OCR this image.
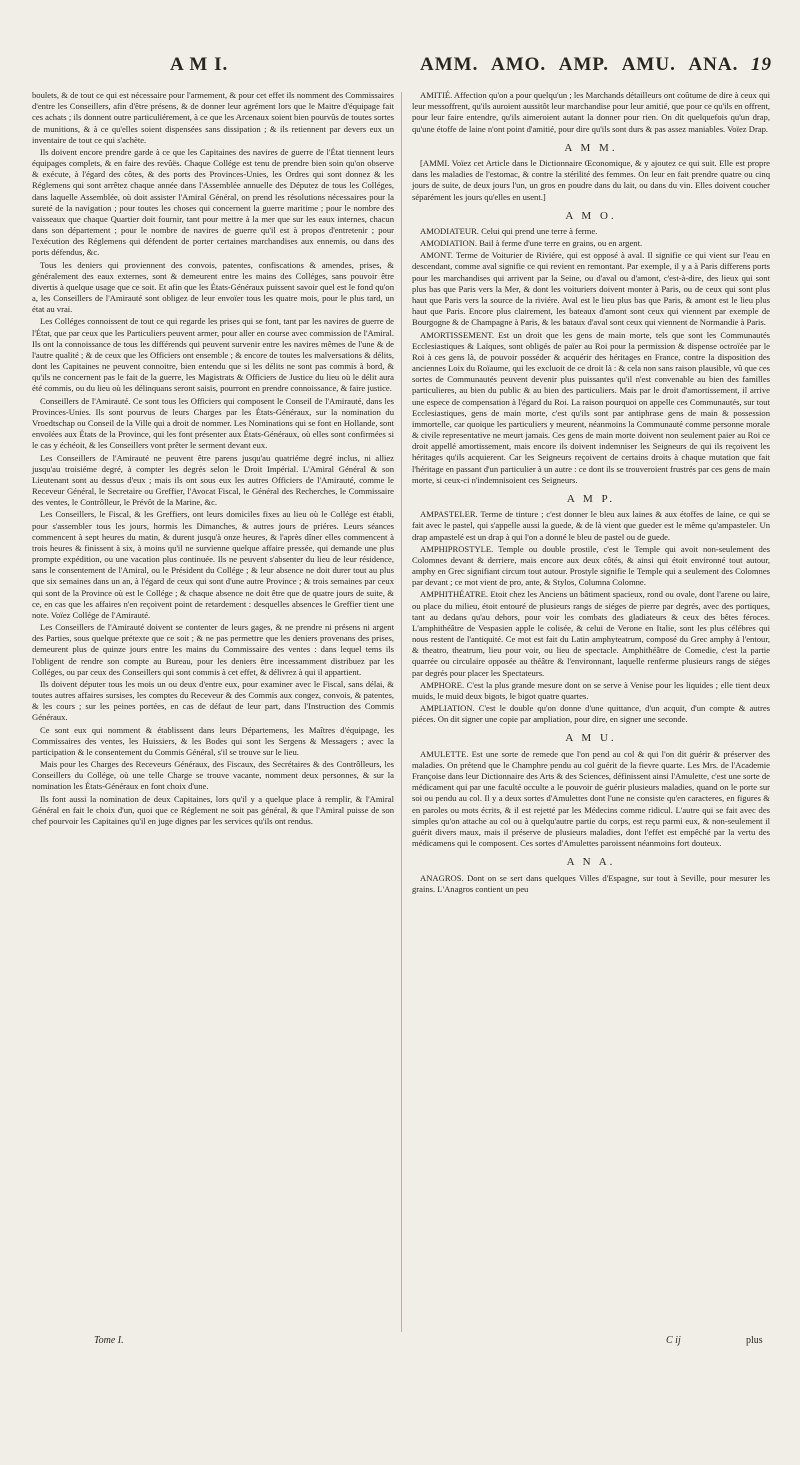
A M I.	AMM. AMO. AMP. AMU. ANA. 19

boulets, & de tout ce qui est nécessaire pour l'armement, & pour cet effet ils nomment des Commissaires d'entre les Conseillers, afin d'être présens, & de donner leur agrément lors que le Maitre d'équipage fait ces achats ; ils donnent outre particuliérement, à ce que les Arcenaux soient bien pourvûs de toutes sortes de munitions, & à ce qu'elles soient dispensées sans dissipation ; & ils retiennent par devers eux un inventaire de tout ce qui s'achète.

Ils doivent encore prendre garde à ce que les Capitaines des navires de guerre de l'État tiennent leurs équipages complets, & en faire des revûës. Chaque Collége est tenu de prendre bien soin qu'on observe & exécute, à l'égard des côtes, & des ports des Provinces-Unies, les Ordres qui sont donnez & les Réglemens qui sont arrêtez chaque année dans l'Assemblée annuelle des Députez de tous les Colléges, dans laquelle Assemblée, où doit assister l'Amiral Général, on prend les résolutions nécessaires pour la sureté de la navigation ; pour toutes les choses qui concernent la guerre maritime ; pour le nombre des vaisseaux que chaque Quartier doit fournir, tant pour mettre à la mer que sur les eaux internes, chacun dans son département ; pour le nombre de navires de guerre qu'il est à propos d'entretenir ; pour l'exécution des Réglemens qui défendent de porter certaines marchandises aux ennemis, ou dans des ports défendus, &c.

Tous les deniers qui proviennent des convois, patentes, confiscations & amendes, prises, & généralement des eaux externes, sont & demeurent entre les mains des Colléges, sans pouvoir être divertis à quelque usage que ce soit. Et afin que les États-Généraux puissent savoir quel est le fond qu'on a, les Conseillers de l'Amirauté sont obligez de leur envoïer tous les quatre mois, pour le plus tard, un état au vrai.

Les Colléges connoissent de tout ce qui regarde les prises qui se font, tant par les navires de guerre de l'État, que par ceux que les Particuliers peuvent armer, pour aller en course avec commission de l'Amiral. Ils ont la connoissance de tous les différends qui peuvent survenir entre les navires mêmes de l'une & de l'autre qualité ; & de ceux que les Officiers ont ensemble ; & encore de toutes les malversations & délits, dont les Capitaines ne peuvent connoitre, bien entendu que si les délits ne sont pas commis à bord, & qu'ils ne concernent pas le fait de la guerre, les Magistrats & Officiers de Justice du lieu où le délit aura été commis, ou du lieu où les délinquans seront saisis, pourront en prendre connoissance, & faire justice.

Conseillers de l'Amirauté. Ce sont tous les Officiers qui composent le Conseil de l'Amirauté, dans les Provinces-Unies. Ils sont pourvus de leurs Charges par les États-Généraux, sur la nomination du Vroedtschap ou Conseil de la Ville qui a droit de nommer. Les Nominations qui se font en Hollande, sont envoïées aux États de la Province, qui les font présenter aux États-Généraux, où elles sont confirmées si le cas y échéoit, & les Conseillers vont prêter le serment devant eux.

Les Conseillers de l'Amirauté ne peuvent être parens jusqu'au quatriéme degré inclus, ni alliez jusqu'au troisiéme degré, à compter les degrés selon le Droit Impérial. L'Amiral Général & son Lieutenant sont au dessus d'eux ; mais ils ont sous eux les autres Officiers de l'Amirauté, comme le Receveur Général, le Secretaire ou Greffier, l'Avocat Fiscal, le Général des Recherches, le Commissaire des ventes, le Contrôlleur, le Prévôt de la Marine, &c.

Les Conseillers, le Fiscal, & les Greffiers, ont leurs domiciles fixes au lieu où le Collége est établi, pour s'assembler tous les jours, hormis les Dimanches, & autres jours de priéres. Leurs séances commencent à sept heures du matin, & durent jusqu'à onze heures, & l'après dîner elles commencent à trois heures & finissent à six, à moins qu'il ne survienne quelque affaire pressée, qui demande une plus prompte expédition, ou une vacation plus continuée. Ils ne peuvent s'absenter du lieu de leur résidence, sans le consentement de l'Amiral, ou le Président du Collége ; & leur absence ne doit durer tout au plus que six semaines dans un an, à l'égard de ceux qui sont d'une autre Province ; & trois semaines par ceux qui sont de la Province où est le Collége ; & chaque absence ne doit être que de quatre jours de suite, & ce, en cas que les affaires n'en reçoivent point de retardement : desquelles absences le Greffier tient une note. Voïez Collége de l'Amirauté.

Les Conseillers de l'Amirauté doivent se contenter de leurs gages, & ne prendre ni présens ni argent des Parties, sous quelque prétexte que ce soit ; & ne pas permettre que les deniers provenans des prises, demeurent plus de quinze jours entre les mains du Commissaire des ventes : dans lequel tems ils l'obligent de rendre son compte au Bureau, pour les deniers être incessamment distribuez par les Colléges, ou par ceux des Conseillers qui sont commis à cet effet, & délivrez à qui il appartient.

Ils doivent députer tous les mois un ou deux d'entre eux, pour examiner avec le Fiscal, sans délai, & toutes autres affaires sursises, les comptes du Receveur & des Commis aux congez, convois, & patentes, & les cours ; sur les peines portées, en cas de défaut de leur part, dans l'Instruction des Commis Généraux.

Ce sont eux qui nomment & établissent dans leurs Départemens, les Maîtres d'équipage, les Commissaires des ventes, les Huissiers, & les Bodes qui sont les Sergens & Messagers ; avec la participation & le consentement du Commis Général, s'il se trouve sur le lieu.

Mais pour les Charges des Receveurs Généraux, des Fiscaux, des Secrétaires & des Contrôlleurs, les Conseillers du Collége, où une telle Charge se trouve vacante, nomment deux personnes, & sur la nomination les États-Généraux en font choix d'une.

Ils font aussi la nomination de deux Capitaines, lors qu'il y a quelque place à remplir, & l'Amiral Général en fait le choix d'un, quoi que ce Réglement ne soit pas général, & que l'Amiral puisse de son chef pourvoir les Capitaines qu'il en juge dignes par les services qu'ils ont rendus.

AMITIÉ. Affection qu'on a pour quelqu'un ; les Marchands détailleurs ont coûtume de dire à ceux qui leur messoffrent, qu'ils auroient aussitôt leur marchandise pour leur amitié, que pour ce qu'ils en offrent, pour leur faire entendre, qu'ils aimeroient autant la donner pour rien. On dit quelquefois qu'un drap, qu'une étoffe de laine n'ont point d'amitié, pour dire qu'ils sont durs & pas assez maniables. Voïez Drap.

A M M.

[AMMI. Voïez cet Article dans le Dictionnaire Œconomique, & y ajoutez ce qui suit. Elle est propre dans les maladies de l'estomac, & contre la stérilité des femmes. On leur en fait prendre quatre ou cinq jours de suite, de deux jours l'un, un gros en poudre dans du lait, ou dans du vin. Elles doivent coucher séparément les jours qu'elles en usent.]

A M O.

AMODIATEUR. Celui qui prend une terre à ferme.

AMODIATION. Bail à ferme d'une terre en grains, ou en argent.

AMONT. Terme de Voiturier de Riviére, qui est opposé à aval. Il signifie ce qui vient sur l'eau en descendant, comme aval signifie ce qui revient en remontant. Par exemple, il y a à Paris differens ports pour les marchandises qui arrivent par la Seine, ou d'aval ou d'amont, c'est-à-dire, des lieux qui sont plus bas que Paris vers la Mer, & dont les voituriers doivent monter à Paris, ou de ceux qui sont plus haut que Paris vers la source de la riviére. Aval est le lieu plus bas que Paris, & amont est le lieu plus haut que Paris. Encore plus clairement, les bateaux d'amont sont ceux qui viennent par exemple de Bourgogne & de Champagne à Paris, & les bataux d'aval sont ceux qui viennent de Normandie à Paris.

AMORTISSEMENT. Est un droit que les gens de main morte, tels que sont les Communautés Ecclesiastiques & Laïques, sont obligés de païer au Roi pour la permission & dispense octroïée par le Roi à ces gens là, de pouvoir posséder & acquérir des héritages en France, contre la disposition des anciennes Loix du Roïaume, qui les excluoit de ce droit là : & cela non sans raison plausible, vû que ces sortes de Communautés peuvent devenir plus puissantes qu'il n'est convenable au bien des familles particulieres, au bien du public & au bien des particuliers. Mais par le droit d'amortissement, il arrive une espece de compensation à l'égard du Roi. La raison pourquoi on appelle ces Communautés, sur tout Ecclesiastiques, gens de main morte, c'est qu'ils sont par antiphrase gens de main & possession immortelle, car quoique les particuliers y meurent, néanmoins la Communauté comme personne morale & civile representative ne meurt jamais. Ces gens de main morte doivent non seulement paier au Roi ce droit appellé amortissement, mais encore ils doivent indemniser les Seigneurs de qui ils reçoivent les héritages qu'ils acquierent. Car les Seigneurs reçoivent de certains droits à chaque mutation que fait l'héritage en passant d'un particulier à un autre : ce dont ils se trouveroient frustrés par ces gens de main morte, si ceux-ci n'indemnisoient ces Seigneurs.

A M P.

AMPASTELER. Terme de tinture ; c'est donner le bleu aux laines & aux étoffes de laine, ce qui se fait avec le pastel, qui s'appelle aussi la guede, & de là vient que gueder est le même qu'ampasteler. Un drap ampastelé est un drap à qui l'on a donné le bleu de pastel ou de guede.

AMPHIPROSTYLE. Temple ou double prostile, c'est le Temple qui avoit non-seulement des Colomnes devant & derriere, mais encore aux deux côtés, & ainsi qui étoit environné tout autour, amphy en Grec signifiant circum tout autour. Prostyle signifie le Temple qui a seulement des Colomnes par devant ; ce mot vient de pro, ante, & Stylos, Columna Colomne.

AMPHITHÉATRE. Etoit chez les Anciens un bâtiment spacieux, rond ou ovale, dont l'arene ou laire, ou place du milieu, étoit entouré de plusieurs rangs de siéges de pierre par degrés, avec des portiques, tant au dedans qu'au dehors, pour voir les combats des gladiateurs & ceux des bêtes féroces. L'amphithéâtre de Vespasien apple le colisée, & celui de Verone en Italie, sont les plus célébres qui nous restent de l'antiquité. Ce mot est fait du Latin amphyteatrum, composé du Grec amphy à l'entour, & theatro, theatrum, lieu pour voir, ou lieu de spectacle. Amphithéâtre de Comedie, c'est la partie quarrée ou circulaire opposée au théâtre & l'environnant, laquelle renferme plusieurs rangs de siéges par degrés pour placer les Spectateurs.

AMPHORE. C'est la plus grande mesure dont on se serve à Venise pour les liquides ; elle tient deux muids, le muid deux bigots, le bigot quatre quartes.

AMPLIATION. C'est le double qu'on donne d'une quittance, d'un acquit, d'un compte & autres piéces. On dit signer une copie par ampliation, pour dire, en signer une seconde.

A M U.

AMULETTE. Est une sorte de remede que l'on pend au col & qui l'on dit guérir & préserver des maladies. On prétend que le Champhre pendu au col guérit de la fievre quarte. Les Mrs. de l'Academie Françoise dans leur Dictionnaire des Arts & des Sciences, définissent ainsi l'Amulette, c'est une sorte de médicament qui par une faculté occulte a le pouvoir de guérir plusieurs maladies, quand on le porte sur soi ou pendu au col. Il y a deux sortes d'Amulettes dont l'une ne consiste qu'en caracteres, en figures & en paroles ou mots écrits, & il est rejetté par les Médecins comme ridicul. L'autre qui se fait avec des simples qu'on attache au col ou à quelqu'autre partie du corps, est reçu parmi eux, & non-seulement il guérit divers maux, mais il préserve de plusieurs maladies, dont l'effet est empêché par la vertu des médicamens qui le composent. Ces sortes d'Amulettes paroissent néanmoins fort douteux.

A N A.

ANAGROS. Dont on se sert dans quelques Villes d'Espagne, sur tout à Seville, pour mesurer les grains. L'Anagros contient un peu

Tome I.	C ij	plus
